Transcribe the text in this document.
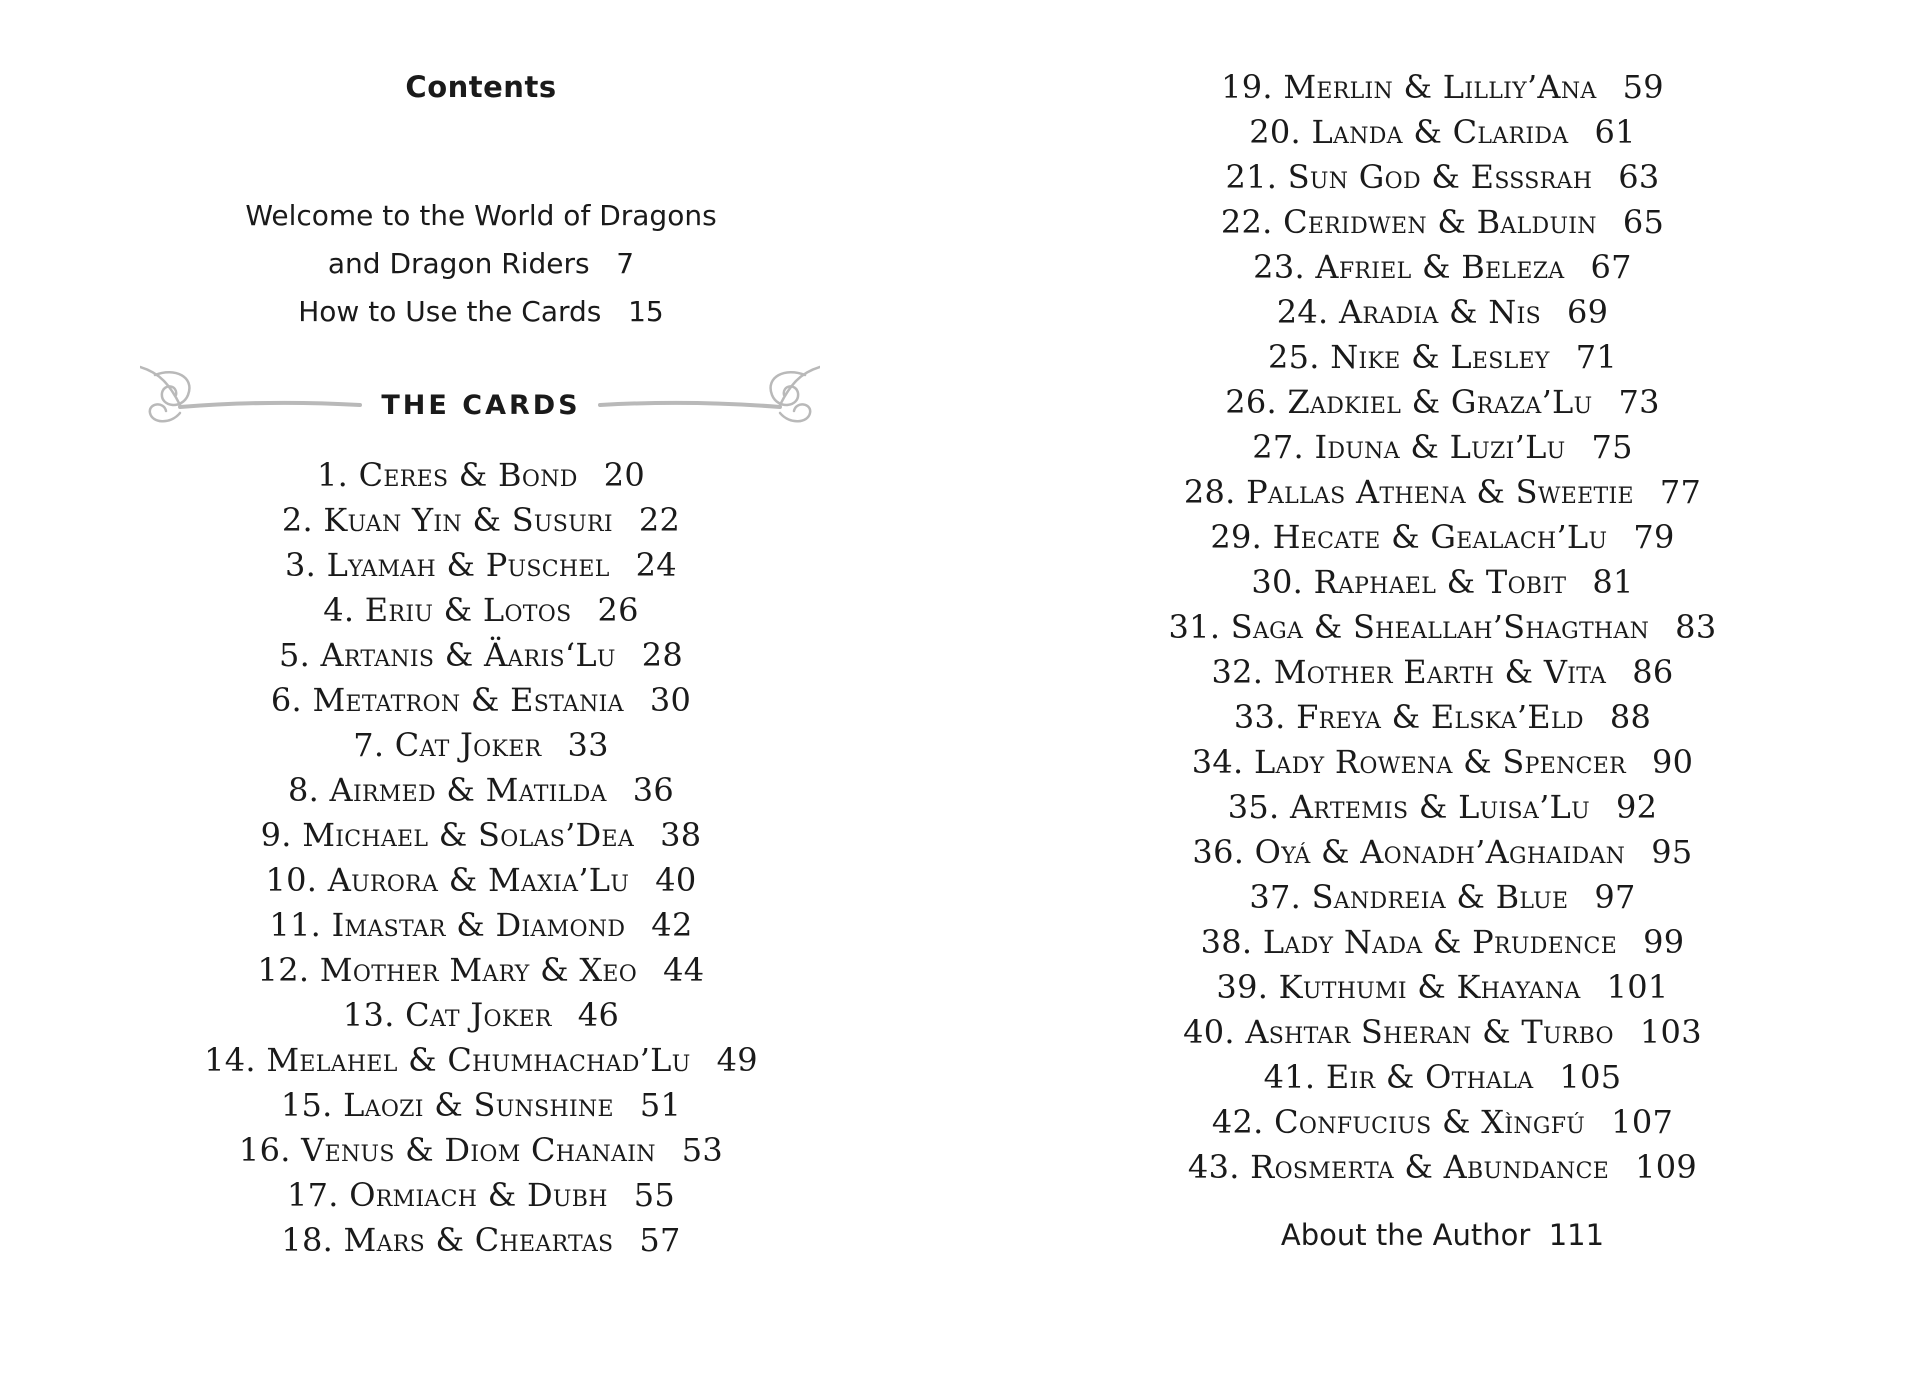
Contents
Welcome to the World of Dragons
and Dragon Riders 7
How to Use the Cards 15
THE CARDS
1. Ceres & Bond 20
2. Kuan Yin & Susuri 22
3. Lyamah & Puschel 24
4. Eriu & Lotos 26
5. Artanis & Äaris‘Lu 28
6. Metatron & Estania 30
7. Cat Joker 33
8. Airmed & Matilda 36
9. Michael & Solas’Dea 38
10. Aurora & Maxia’Lu 40
11. Imastar & Diamond 42
12. Mother Mary & Xeo 44
13. Cat Joker 46
14. Melahel & Chumhachad’Lu 49
15. Laozi & Sunshine 51
16. Venus & Diom Chanain 53
17. Ormiach & Dubh 55
18. Mars & Cheartas 57
19. Merlin & Lilliy’Ana 59
20. Landa & Clarida 61
21. Sun God & Esssrah 63
22. Ceridwen & Balduin 65
23. Afriel & Beleza 67
24. Aradia & Nis 69
25. Nike & Lesley 71
26. Zadkiel & Graza’Lu 73
27. Iduna & Luzi’Lu 75
28. Pallas Athena & Sweetie 77
29. Hecate & Gealach’Lu 79
30. Raphael & Tobit 81
31. Saga & Sheallah’Shagthan 83
32. Mother Earth & Vita 86
33. Freya & Elska’Eld 88
34. Lady Rowena & Spencer 90
35. Artemis & Luisa’Lu 92
36. Oyá & Aonadh’Aghaidan 95
37. Sandreia & Blue 97
38. Lady Nada & Prudence 99
39. Kuthumi & Khayana 101
40. Ashtar Sheran & Turbo 103
41. Eir & Othala 105
42. Confucius & Xìngfú 107
43. Rosmerta & Abundance 109
About the Author 111
